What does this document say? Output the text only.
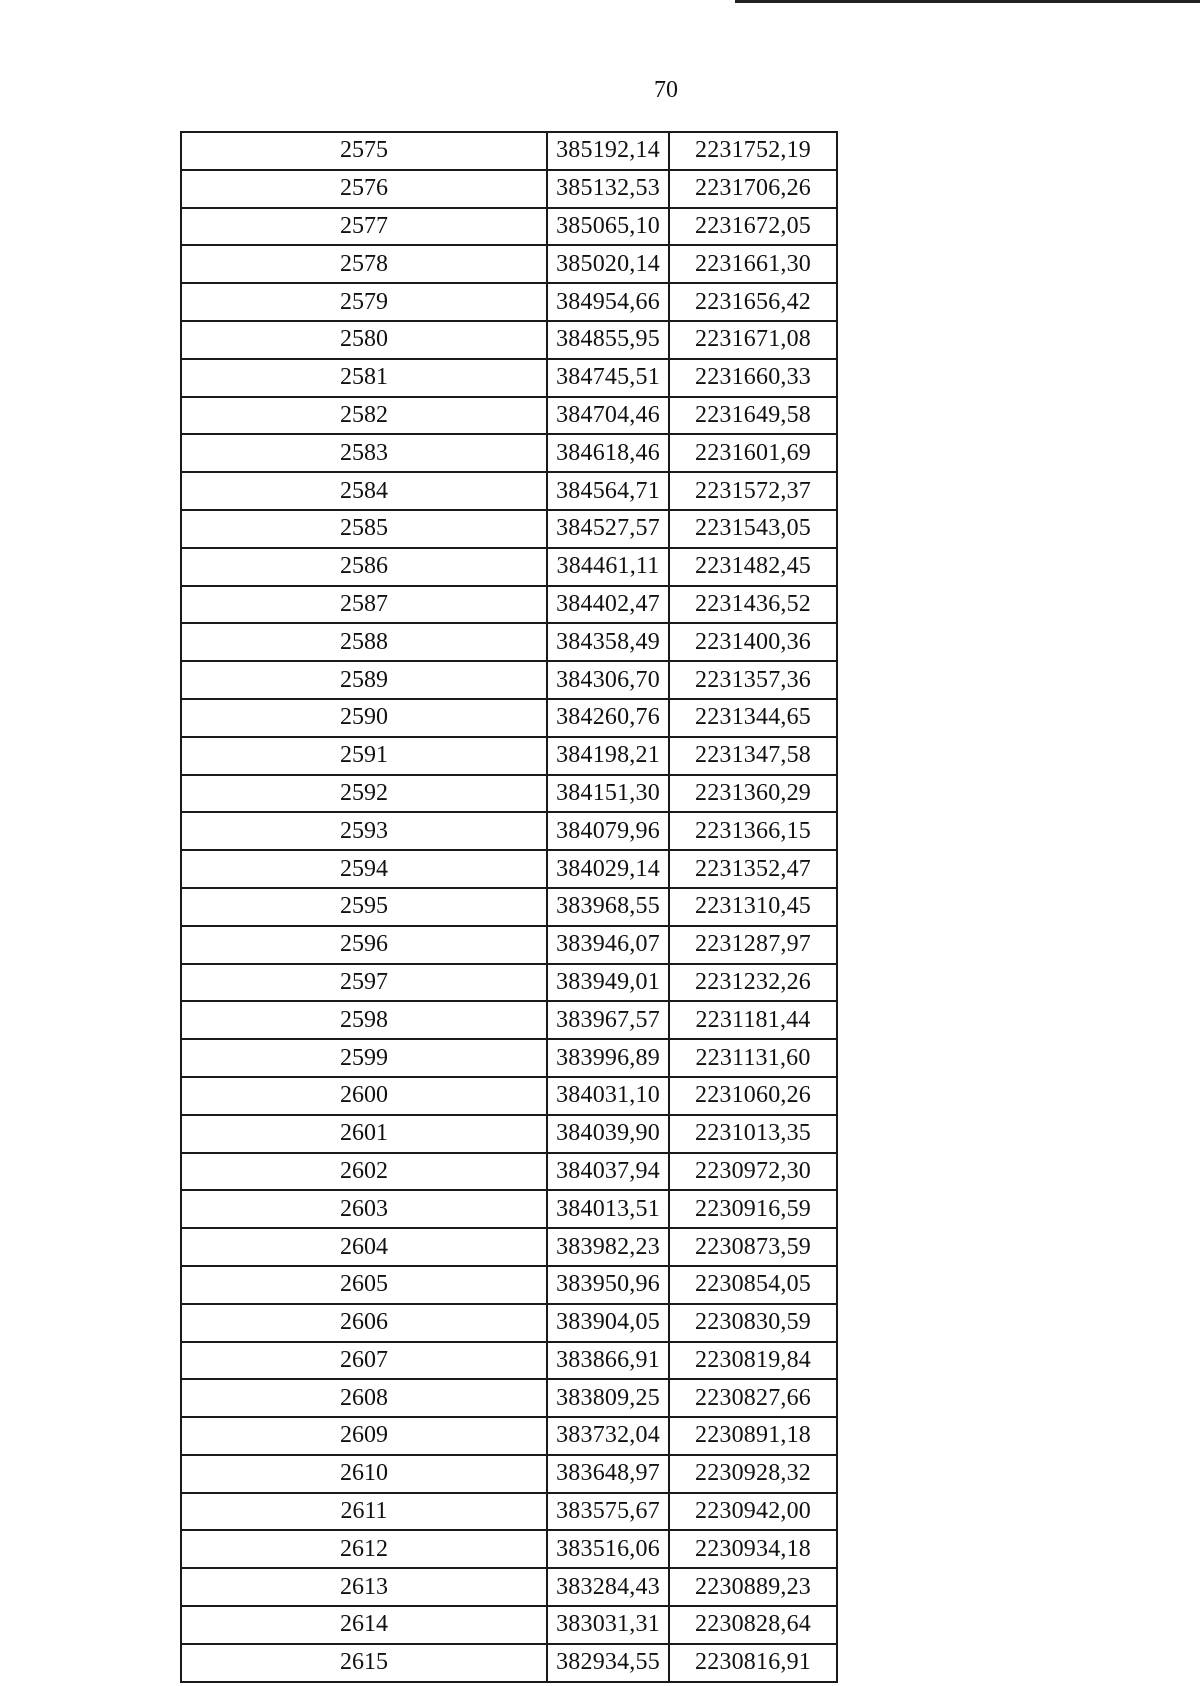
70
2575	385192,14	2231752,19
2576	385132,53	2231706,26
2577	385065,10	2231672,05
2578	385020,14	2231661,30
2579	384954,66	2231656,42
2580	384855,95	2231671,08
2581	384745,51	2231660,33
2582	384704,46	2231649,58
2583	384618,46	2231601,69
2584	384564,71	2231572,37
2585	384527,57	2231543,05
2586	384461,11	2231482,45
2587	384402,47	2231436,52
2588	384358,49	2231400,36
2589	384306,70	2231357,36
2590	384260,76	2231344,65
2591	384198,21	2231347,58
2592	384151,30	2231360,29
2593	384079,96	2231366,15
2594	384029,14	2231352,47
2595	383968,55	2231310,45
2596	383946,07	2231287,97
2597	383949,01	2231232,26
2598	383967,57	2231181,44
2599	383996,89	2231131,60
2600	384031,10	2231060,26
2601	384039,90	2231013,35
2602	384037,94	2230972,30
2603	384013,51	2230916,59
2604	383982,23	2230873,59
2605	383950,96	2230854,05
2606	383904,05	2230830,59
2607	383866,91	2230819,84
2608	383809,25	2230827,66
2609	383732,04	2230891,18
2610	383648,97	2230928,32
2611	383575,67	2230942,00
2612	383516,06	2230934,18
2613	383284,43	2230889,23
2614	383031,31	2230828,64
2615	382934,55	2230816,91
